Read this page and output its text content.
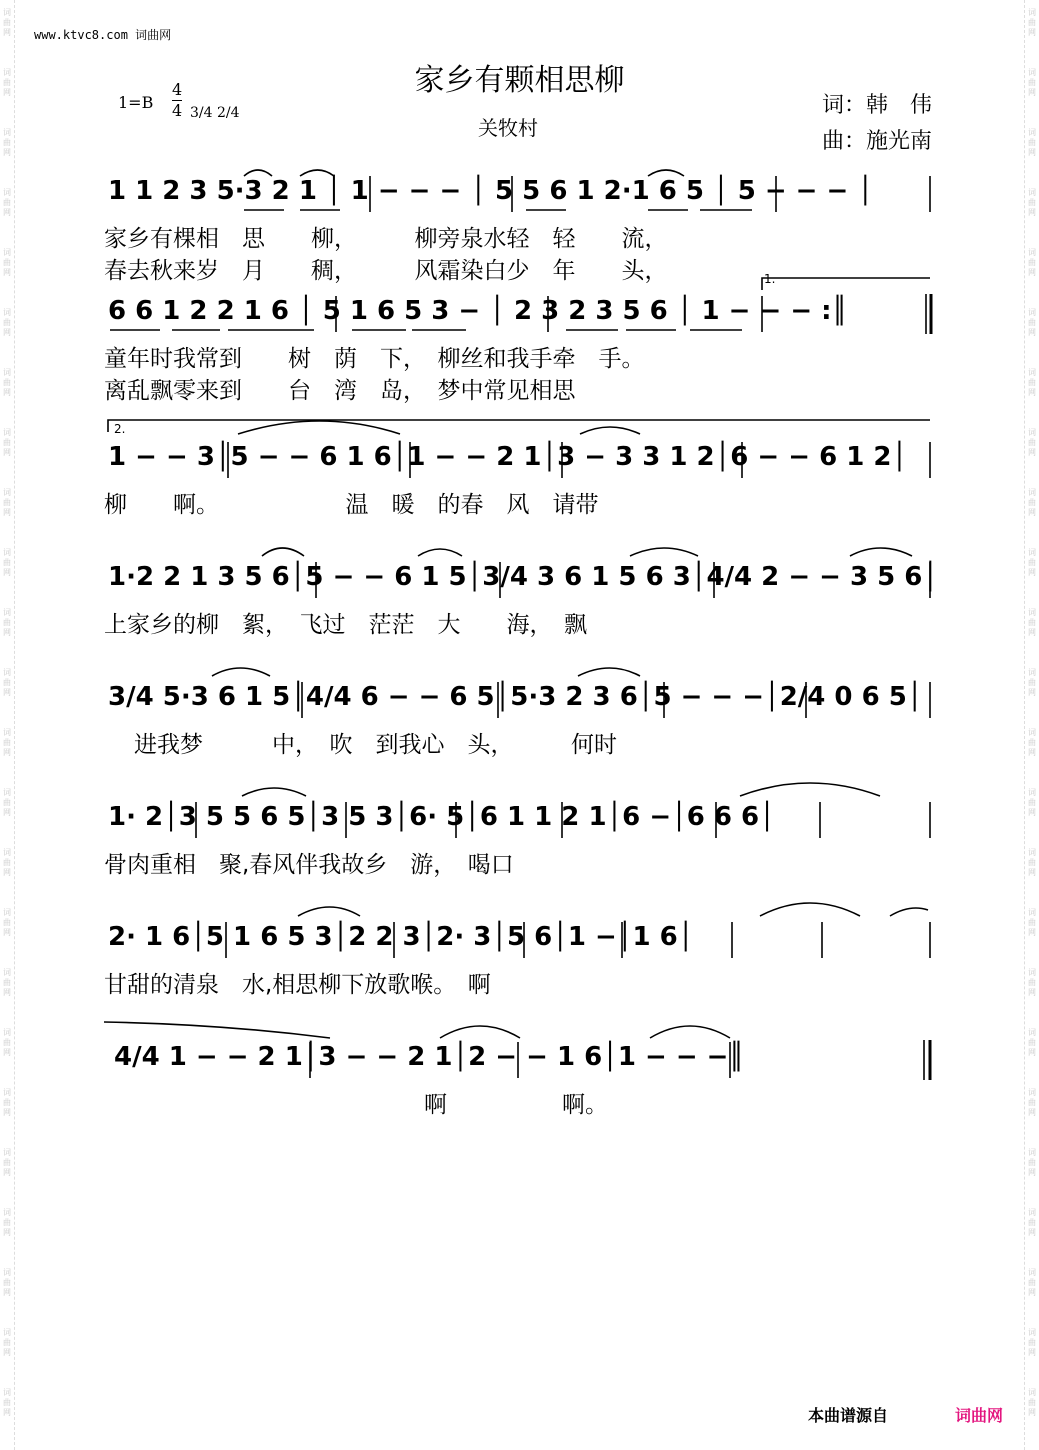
词
曲
网
词
曲
网
词
曲
网
词
曲
网
词
曲
网
词
曲
网
词
曲
网
词
曲
网
词
曲
网
词
曲
网
词
曲
网
词
曲
网
词
曲
网
词
曲
网
词
曲
网
词
曲
网
词
曲
网
词
曲
网
词
曲
网
词
曲
网
词
曲
网
词
曲
网
词
曲
网
词
曲
网
词
曲
网
词
曲
网
词
曲
网
词
曲
网
词
曲
网
词
曲
网
词
曲
网
词
曲
网
词
曲
网
词
曲
网
词
曲
网
词
曲
网
词
曲
网
词
曲
网
词
曲
网
词
曲
网
词
曲
网
词
曲
网
词
曲
网
词
曲
网
词
曲
网
词
曲
网
词
曲
网
词
曲
网
www.ktvc8.com 词曲网
家乡有颗相思柳
关牧村
$1=B \frac{4}{4} 3/4$ 2/4	词：韩　伟
曲：施光南
1 1 2 3 5·3 2 1 │ 1 − − − │ 5 5 6 1 2·1 6 5 │ 5 − − − │
家乡有棵相　思　　柳，　　　柳旁泉水轻　轻　　流，
春去秋来岁　月　　稠，　　　风霜染白少　年　　头，	1.
6 6 1 2 2 1 6 │ 5 1 6 5 3 − │ 2 3 2 3 5 6 │ 1 − − − :║
童年时我常到　　树　荫　下，　柳丝和我手牵　手。
离乱飘零来到　　台　湾　岛，　梦中常见相思
2.
1 − − 3│5 − − 6 1 6│1 − − 2 1│3 − 3 3 1 2│6 − − 6 1 2│
柳　　啊。　　　　　　温　暖　的春　风　请带
1·2 2 1 3 5 6│5 − − 6 1 5│3/4 3 6 1 5 6 3│4/4 2 − − 3 5 6│
上家乡的柳　絮，　飞过　茫茫　大　　海，　飘
3/4 5·3 6 1 5│4/4 6 − − 6 5│5·3 2 3 6│5 − − −│2/4 0 6 5│
进我梦　　　中，　吹　到我心　头，　　　何时
1· 2│3 5 5 6 5│3 5 3│6· 5│6 1 1 2 1│6 −│6 6 6│
骨肉重相　聚,春风伴我故乡　游，　喝口
2· 1 6│5 1 6 5 3│2 2 3│2· 3│5 6│1 −│1 6│
甘甜的清泉　水,相思柳下放歌喉。　啊
4/4 1 − − 2 1│3 − − 2 1│2 − − 1 6│1 − − −║
啊　　　　　啊。
本曲谱源自	词曲网
